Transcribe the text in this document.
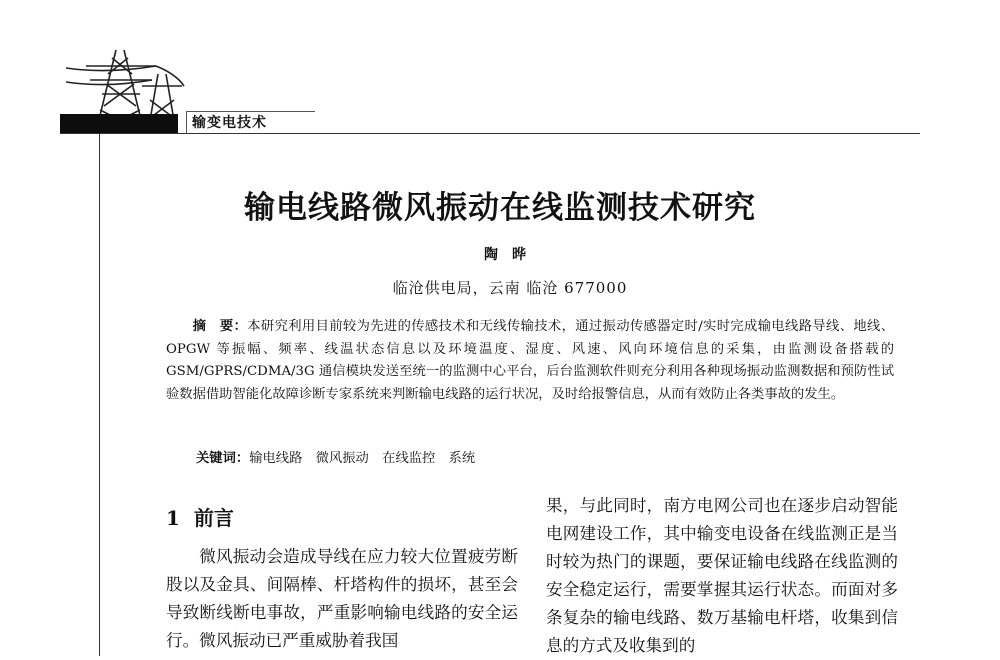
输变电技术
输电线路微风振动在线监测技术研究
陶晔
临沧供电局，云南 临沧 677000
摘　要：本研究利用目前较为先进的传感技术和无线传输技术，通过振动传感器定时/实时完成输电线路导线、地线、OPGW 等振幅、频率、线温状态信息以及环境温度、湿度、风速、风向环境信息的采集，由监测设备搭载的 GSM/GPRS/CDMA/3G 通信模块发送至统一的监测中心平台，后台监测软件则充分利用各种现场振动监测数据和预防性试验数据借助智能化故障诊断专家系统来判断输电线路的运行状况，及时给报警信息，从而有效防止各类事故的发生。
关键词：输电线路　微风振动　在线监控　系统
1 前言
微风振动会造成导线在应力较大位置疲劳断股以及金具、间隔棒、杆塔构件的损坏，甚至会导致断线断电事故，严重影响输电线路的安全运行。微风振动已严重威胁着我国
果，与此同时，南方电网公司也在逐步启动智能电网建设工作，其中输变电设备在线监测正是当时较为热门的课题，要保证输电线路在线监测的安全稳定运行，需要掌握其运行状态。而面对多条复杂的输电线路、数万基输电杆塔，收集到信息的方式及收集到的
